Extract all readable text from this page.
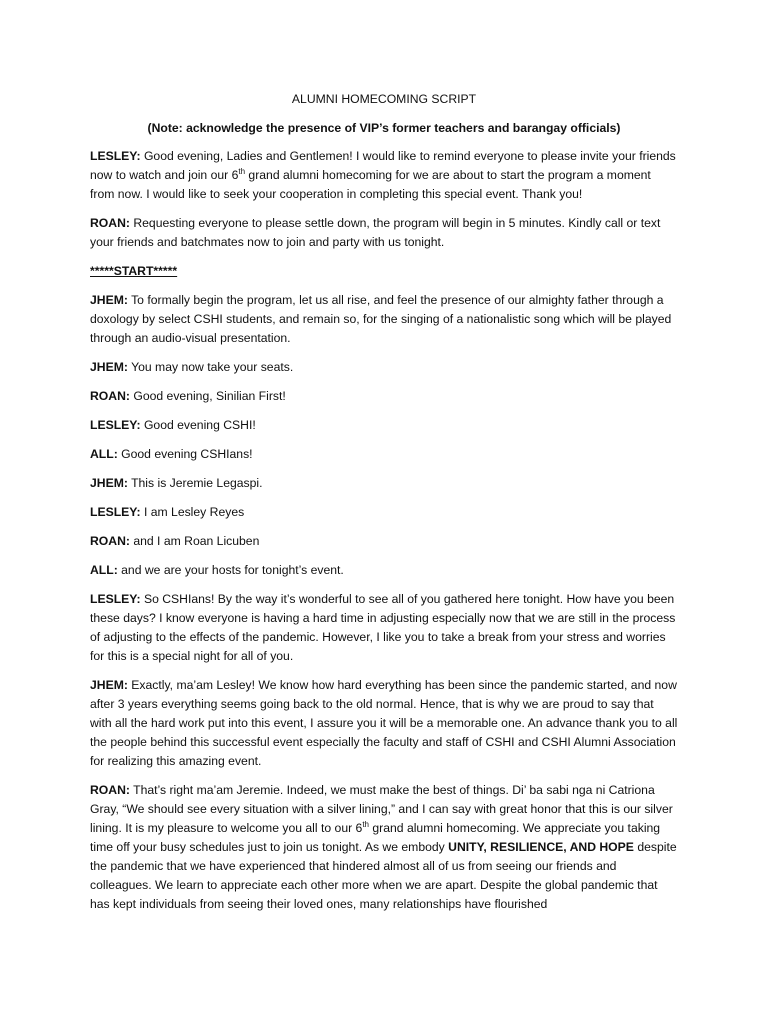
ALUMNI HOMECOMING SCRIPT

(Note: acknowledge the presence of VIP’s former teachers and barangay officials)

LESLEY: Good evening, Ladies and Gentlemen! I would like to remind everyone to please invite your friends now to watch and join our 6th grand alumni homecoming for we are about to start the program a moment from now. I would like to seek your cooperation in completing this special event. Thank you!

ROAN: Requesting everyone to please settle down, the program will begin in 5 minutes. Kindly call or text your friends and batchmates now to join and party with us tonight.

*****START*****

JHEM: To formally begin the program, let us all rise, and feel the presence of our almighty father through a doxology by select CSHI students, and remain so, for the singing of a nationalistic song which will be played through an audio-visual presentation.

JHEM: You may now take your seats.

ROAN: Good evening, Sinilian First!

LESLEY: Good evening CSHI!

ALL: Good evening CSHIans!

JHEM: This is Jeremie Legaspi.

LESLEY: I am Lesley Reyes

ROAN: and I am Roan Licuben

ALL: and we are your hosts for tonight’s event.

LESLEY: So CSHIans! By the way it’s wonderful to see all of you gathered here tonight. How have you been these days? I know everyone is having a hard time in adjusting especially now that we are still in the process of adjusting to the effects of the pandemic. However, I like you to take a break from your stress and worries for this is a special night for all of you.

JHEM: Exactly, ma’am Lesley! We know how hard everything has been since the pandemic started, and now after 3 years everything seems going back to the old normal. Hence, that is why we are proud to say that with all the hard work put into this event, I assure you it will be a memorable one. An advance thank you to all the people behind this successful event especially the faculty and staff of CSHI and CSHI Alumni Association for realizing this amazing event.

ROAN: That’s right ma’am Jeremie. Indeed, we must make the best of things. Di’ ba sabi nga ni Catriona Gray, “We should see every situation with a silver lining,” and I can say with great honor that this is our silver lining. It is my pleasure to welcome you all to our 6th grand alumni homecoming. We appreciate you taking time off your busy schedules just to join us tonight. As we embody UNITY, RESILIENCE, AND HOPE despite the pandemic that we have experienced that hindered almost all of us from seeing our friends and colleagues. We learn to appreciate each other more when we are apart. Despite the global pandemic that has kept individuals from seeing their loved ones, many relationships have flourished
